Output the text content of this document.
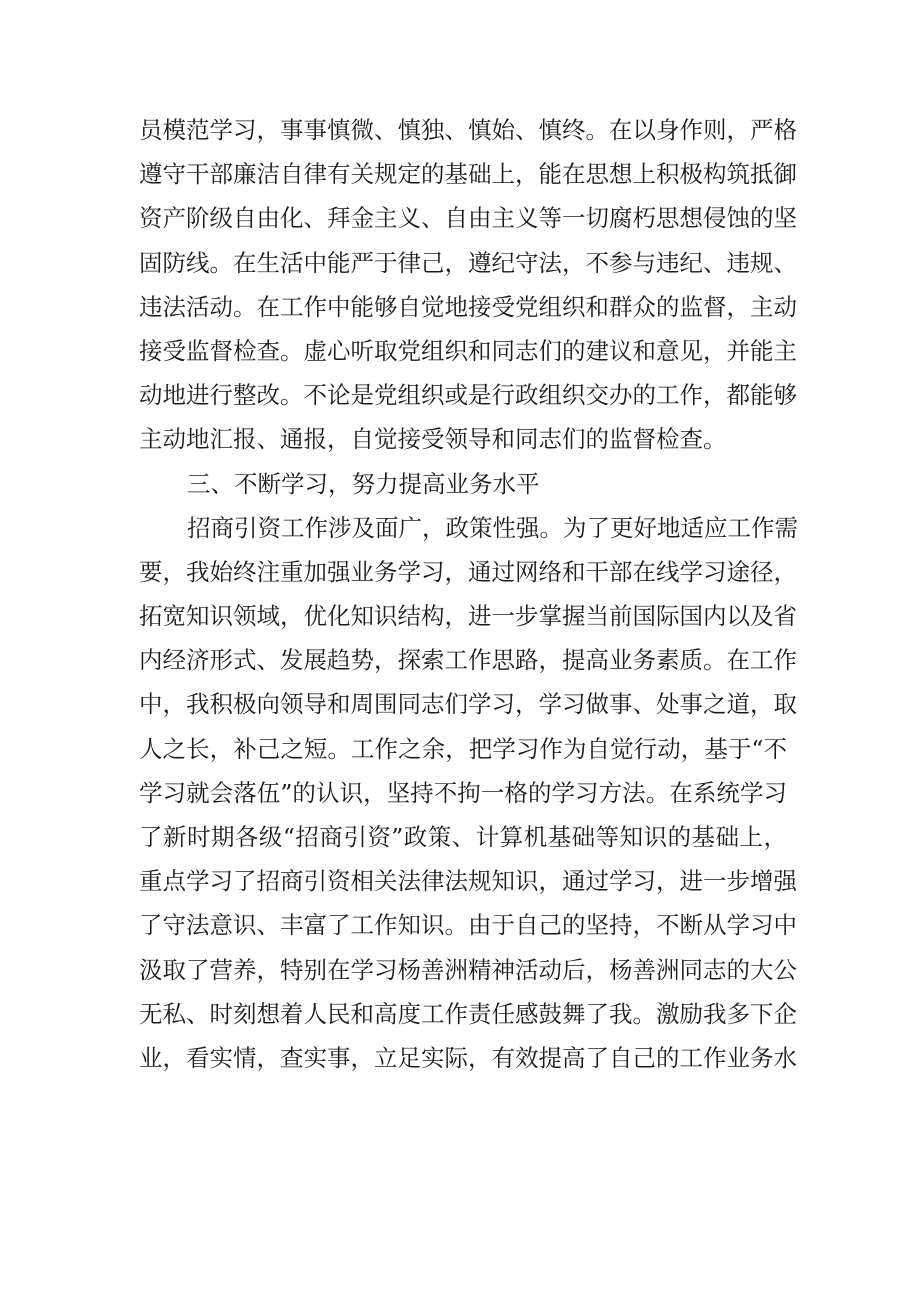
员模范学习，事事慎微、慎独、慎始、慎终。在以身作则，严格
遵守干部廉洁自律有关规定的基础上，能在思想上积极构筑抵御
资产阶级自由化、拜金主义、自由主义等一切腐朽思想侵蚀的坚
固防线。在生活中能严于律己，遵纪守法，不参与违纪、违规、
违法活动。在工作中能够自觉地接受党组织和群众的监督，主动
接受监督检查。虚心听取党组织和同志们的建议和意见，并能主
动地进行整改。不论是党组织或是行政组织交办的工作，都能够
主动地汇报、通报，自觉接受领导和同志们的监督检查。
三、不断学习，努力提高业务水平
招商引资工作涉及面广，政策性强。为了更好地适应工作需
要，我始终注重加强业务学习，通过网络和干部在线学习途径，
拓宽知识领域，优化知识结构，进一步掌握当前国际国内以及省
内经济形式、发展趋势，探索工作思路，提高业务素质。在工作
中，我积极向领导和周围同志们学习，学习做事、处事之道，取
人之长，补己之短。工作之余，把学习作为自觉行动，基于“不
学习就会落伍”的认识，坚持不拘一格的学习方法。在系统学习
了新时期各级“招商引资”政策、计算机基础等知识的基础上，
重点学习了招商引资相关法律法规知识，通过学习，进一步增强
了守法意识、丰富了工作知识。由于自己的坚持，不断从学习中
汲取了营养，特别在学习杨善洲精神活动后，杨善洲同志的大公
无私、时刻想着人民和高度工作责任感鼓舞了我。激励我多下企
业，看实情，查实事，立足实际，有效提高了自己的工作业务水
